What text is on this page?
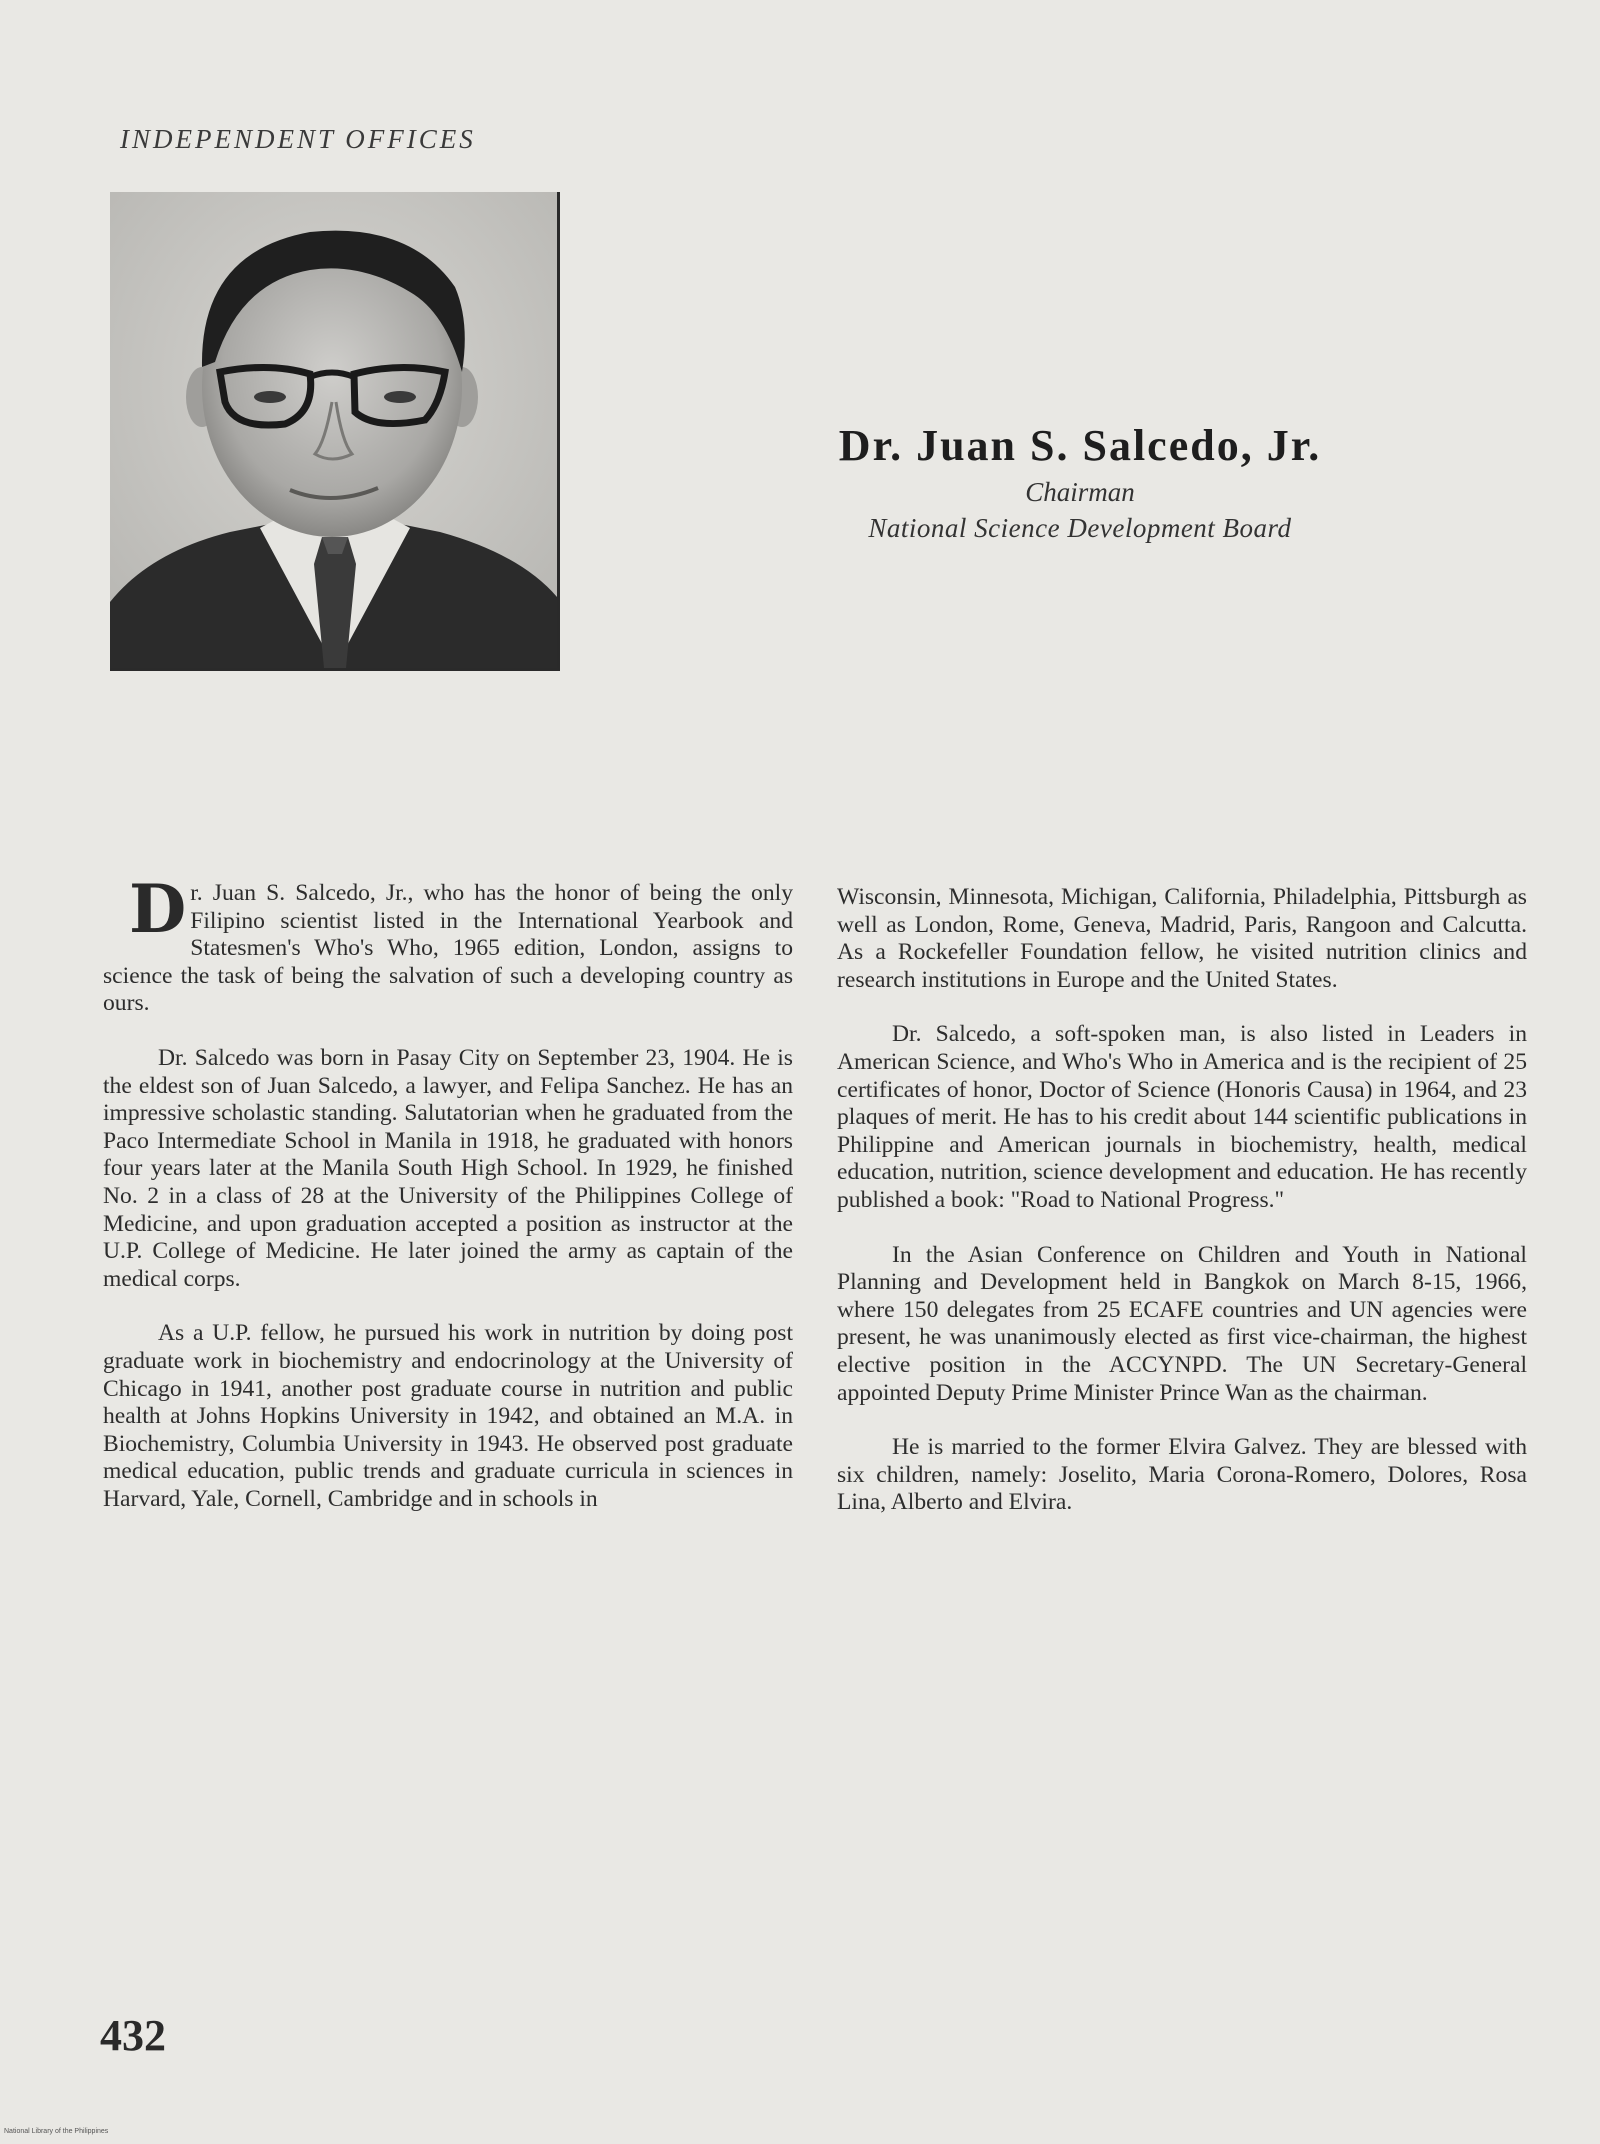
INDEPENDENT OFFICES
Dr. Juan S. Salcedo, Jr.
Chairman
National Science Development Board

Dr. Juan S. Salcedo, Jr., who has the honor of being the only Filipino scientist listed in the International Yearbook and Statesmen's Who's Who, 1965 edition, London, assigns to science the task of being the salvation of such a developing country as ours.

Dr. Salcedo was born in Pasay City on September 23, 1904. He is the eldest son of Juan Salcedo, a lawyer, and Felipa Sanchez. He has an impressive scholastic standing. Salutatorian when he graduated from the Paco Intermediate School in Manila in 1918, he graduated with honors four years later at the Manila South High School. In 1929, he finished No. 2 in a class of 28 at the University of the Philippines College of Medicine, and upon graduation accepted a position as instructor at the U.P. College of Medicine. He later joined the army as captain of the medical corps.

As a U.P. fellow, he pursued his work in nutrition by doing post graduate work in biochemistry and endocrinology at the University of Chicago in 1941, another post graduate course in nutrition and public health at Johns Hopkins University in 1942, and obtained an M.A. in Biochemistry, Columbia University in 1943. He observed post graduate medical education, public trends and graduate curricula in sciences in Harvard, Yale, Cornell, Cambridge and in schools in

Wisconsin, Minnesota, Michigan, California, Philadelphia, Pittsburgh as well as London, Rome, Geneva, Madrid, Paris, Rangoon and Calcutta. As a Rockefeller Foundation fellow, he visited nutrition clinics and research institutions in Europe and the United States.

Dr. Salcedo, a soft-spoken man, is also listed in Leaders in American Science, and Who's Who in America and is the recipient of 25 certificates of honor, Doctor of Science (Honoris Causa) in 1964, and 23 plaques of merit. He has to his credit about 144 scientific publications in Philippine and American journals in biochemistry, health, medical education, nutrition, science development and education. He has recently published a book: "Road to National Progress."

In the Asian Conference on Children and Youth in National Planning and Development held in Bangkok on March 8-15, 1966, where 150 delegates from 25 ECAFE countries and UN agencies were present, he was unanimously elected as first vice-chairman, the highest elective position in the ACCYNPD. The UN Secretary-General appointed Deputy Prime Minister Prince Wan as the chairman.

He is married to the former Elvira Galvez. They are blessed with six children, namely: Joselito, Maria Corona-Romero, Dolores, Rosa Lina, Alberto and Elvira.

432
National Library of the Philippines
